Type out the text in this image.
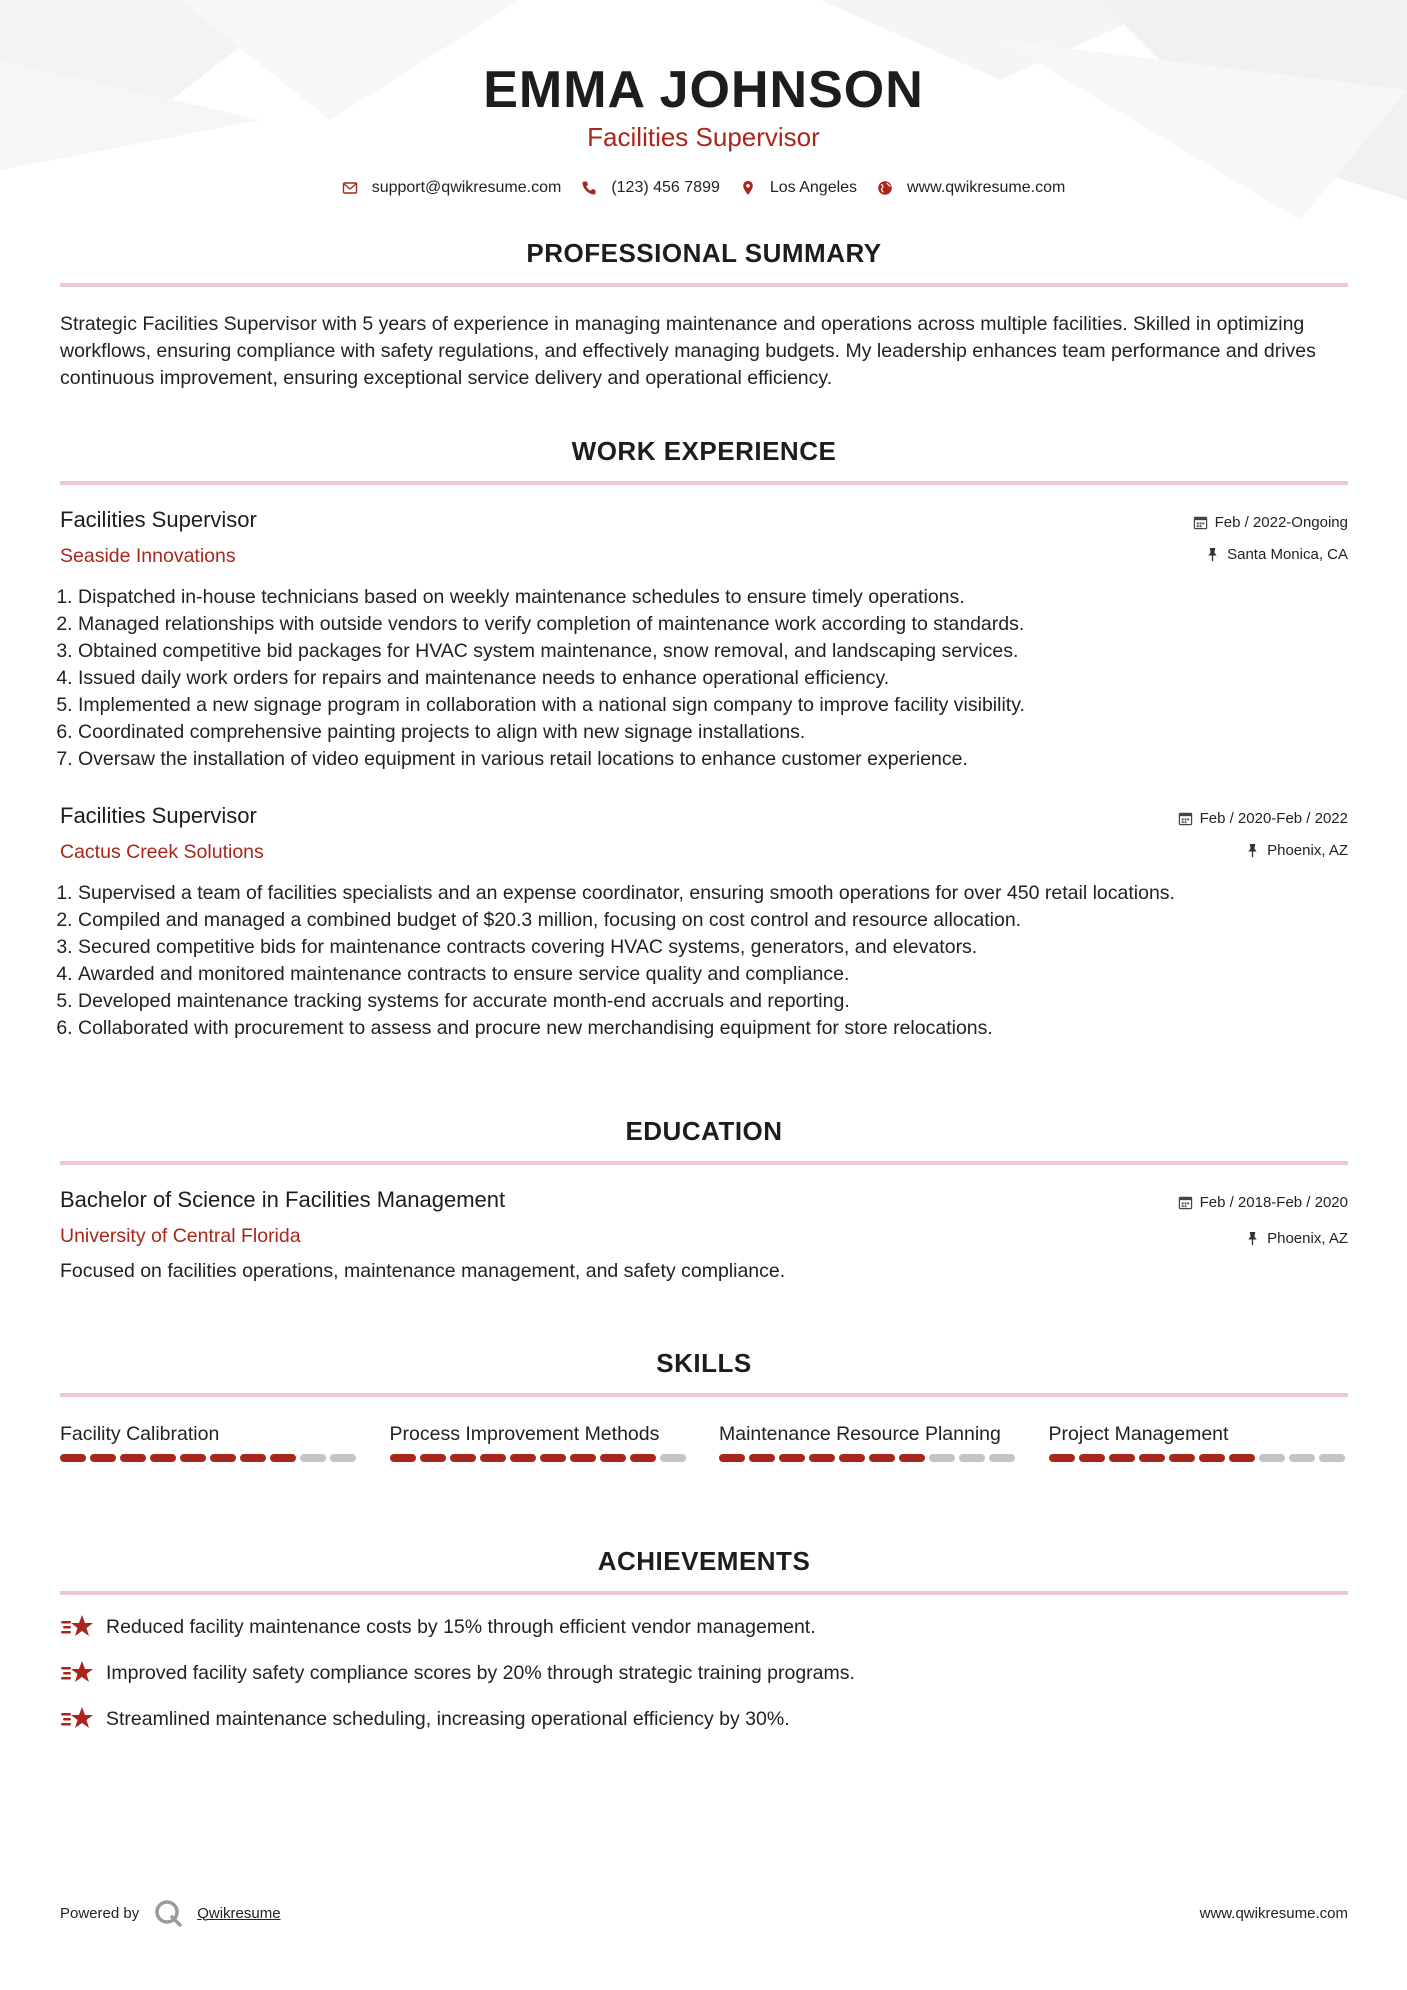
EMMA JOHNSON
Facilities Supervisor
support@qwikresume.com	(123) 456 7899	Los Angeles	www.qwikresume.com
PROFESSIONAL SUMMARY
Strategic Facilities Supervisor with 5 years of experience in managing maintenance and operations across multiple facilities. Skilled in optimizing workflows, ensuring compliance with safety regulations, and effectively managing budgets. My leadership enhances team performance and drives continuous improvement, ensuring exceptional service delivery and operational efficiency.
WORK EXPERIENCE
Facilities Supervisor
Seaside Innovations
Feb / 2022-Ongoing
Santa Monica, CA
1. Dispatched in-house technicians based on weekly maintenance schedules to ensure timely operations.
2. Managed relationships with outside vendors to verify completion of maintenance work according to standards.
3. Obtained competitive bid packages for HVAC system maintenance, snow removal, and landscaping services.
4. Issued daily work orders for repairs and maintenance needs to enhance operational efficiency.
5. Implemented a new signage program in collaboration with a national sign company to improve facility visibility.
6. Coordinated comprehensive painting projects to align with new signage installations.
7. Oversaw the installation of video equipment in various retail locations to enhance customer experience.
Facilities Supervisor
Cactus Creek Solutions
Feb / 2020-Feb / 2022
Phoenix, AZ
1. Supervised a team of facilities specialists and an expense coordinator, ensuring smooth operations for over 450 retail locations.
2. Compiled and managed a combined budget of $20.3 million, focusing on cost control and resource allocation.
3. Secured competitive bids for maintenance contracts covering HVAC systems, generators, and elevators.
4. Awarded and monitored maintenance contracts to ensure service quality and compliance.
5. Developed maintenance tracking systems for accurate month-end accruals and reporting.
6. Collaborated with procurement to assess and procure new merchandising equipment for store relocations.
EDUCATION
Bachelor of Science in Facilities Management
University of Central Florida
Feb / 2018-Feb / 2020
Phoenix, AZ
Focused on facilities operations, maintenance management, and safety compliance.
SKILLS
Facility Calibration	Process Improvement Methods	Maintenance Resource Planning	Project Management
ACHIEVEMENTS
Reduced facility maintenance costs by 15% through efficient vendor management.
Improved facility safety compliance scores by 20% through strategic training programs.
Streamlined maintenance scheduling, increasing operational efficiency by 30%.
Powered by	Qwikresume	www.qwikresume.com
